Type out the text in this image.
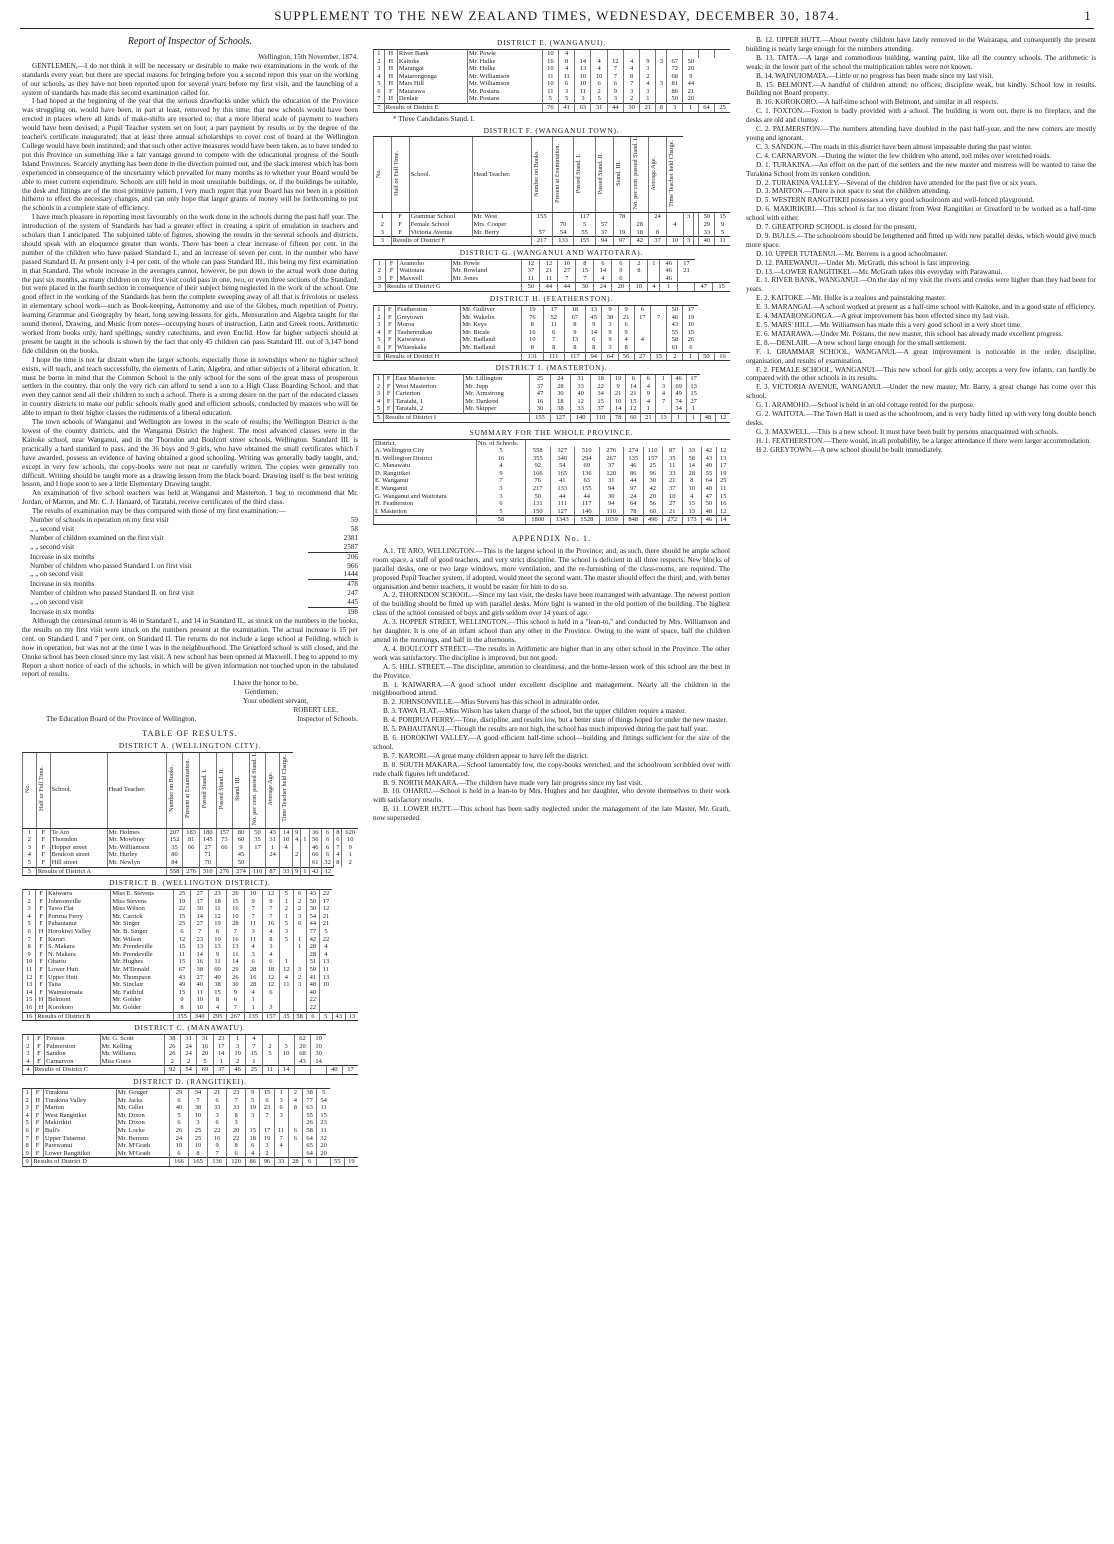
SUPPLEMENT TO THE NEW ZEALAND TIMES, WEDNESDAY, DECEMBER 30, 1874.	1
Report of Inspector of Schools.
Wellington, 15th November, 1874.

GENTLEMEN,—I do not think it will be necessary or desirable to make two examinations in the work of the standards every year; but there are special reasons for bringing before you a second report this year on the working of our schools, as they have not been reported upon for several years before my first visit, and the launching of a system of standards has made this second examination called for.

I had hoped at the beginning of the year that the serious drawbacks under which the education of the Province was struggling on, would have been, in part at least, removed by this time; that new schools would have been erected in places where all kinds of make-shifts are resorted to; that a more liberal scale of payment to teachers would have been devised; a Pupil Teacher system set on foot; a part payment by results or by the degree of the teacher's certificate inaugurated; that at least three annual scholarships to cover cost of board at the Wellington College would have been instituted; and that such other active measures would have been taken, as to have tended to put this Province on something like a fair vantage ground to compete with the educational progress of the South Island Provinces. Scarcely anything has been done in the direction pointed out, and the slack interest which has been experienced in consequence of the uncertainty which prevailed for many months as to whether your Board would be able to meet current expenditure. Schools are still held in most unsuitable buildings, or, if the buildings be suitable, the desk and fittings are of the most primitive pattern. I very much regret that your Board has not been in a position hitherto to effect the necessary changes, and can only hope that larger grants of money will be forthcoming to put the schools in a complete state of efficiency.

I have much pleasure in reporting most favourably on the work done in the schools during the past half year. The introduction of the system of Standards has had a greater effect in creating a spirit of emulation in teachers and scholars than I anticipated. The subjoined table of figures, showing the results in the several schools and districts, should speak with an eloquence greater than words. There has been a clear increase of fifteen per cent. in the number of the children who have passed Standard I., and an increase of seven per cent. in the number who have passed Standard II. At present only 1·4 per cent. of the whole can pass Standard III., this being my first examination in that Standard. The whole increase in the averages cannot, however, be put down to the actual work done during the past six months, as many children on my first visit could pass in one, two, or even three sections of the Standard, but were placed in the fourth section in consequence of their subject being neglected in the work of the school. One good effect in the working of the Standards has been the complete sweeping away of all that is frivolous or useless in elementary school work—such as Book-keeping, Astronomy and use of the Globes, much repetition of Poetry, learning Grammar and Geography by heart, long sewing lessons for girls, Mensuration and Algebra taught for the sound thereof, Drawing, and Music from notes—occupying hours of instruction, Latin and Greek roots, Arithmetic worked from books only, hard spellings, sundry catechisms, and even Euclid. How far higher subjects should at present be taught in the schools is shown by the fact that only 45 children can pass Standard III. out of 3,147 bond fide children on the books.

I hope the time is not far distant when the larger schools, especially those in townships where no higher school exists, will teach, and teach successfully, the elements of Latin, Algebra, and other subjects of a liberal education. It must be borne in mind that the Common School is the only school for the sons of the great mass of prosperous settlers in the country, that only the very rich can afford to send a son to a High Class Boarding School, and that even they cannot send all their children to such a school. There is a strong desire on the part of the educated classes in country districts to make our public schools really good and efficient schools, conducted by masters who will be able to impart to their higher classes the rudiments of a liberal education.

The town schools of Wanganui and Wellington are lowest in the scale of results; the Wellington District is the lowest of the country districts, and the Wanganui District the highest. The most advanced classes were in the Kaitoke school, near Wanganui, and in the Thorndon and Boulcott street schools, Wellington. Standard III. is practically a hard standard to pass, and the 36 boys and 9 girls, who have obtained the small certificates which I have awarded, possess an evidence of having obtained a good schooling. Writing was generally badly taught, and, except in very few schools, the copy-books were not neat or carefully written. The copies were generally too difficult. Writing should be taught more as a drawing lesson from the black board. Drawing itself is the best writing lesson, and I hope soon to see a little Elementary Drawing taught.

An examination of five school teachers was held at Wanganui and Masterton. I beg to recommend that Mr. Jordan, of Marton, and Mr. C. J. Hanaard, of Taratahi, receive certificates of the third class.

The results of examination may be thus compared with those of my first examination:—

Number of schools in operation on my first visit	59
„ „ second visit	58
Number of children examined on the first visit	2381
„ „ second visit	2587
Increase in six months	206
Number of children who passed Standard I. on first visit	966
„ „ on second visit	1444
Increase in six months	478
Number of children who passed Standard II. on first visit	247
„ „ on second visit	445
Increase in six months	198

Although the centesimal return is 46 in Standard I., and 14 in Standard II., as struck on the numbers in the books, the results on my first visit were struck on the numbers present at the examination. The actual increase is 15 per cent. on Standard I. and 7 per cent. on Standard II. The returns do not include a large school at Feilding, which is now in operation, but was not at the time I was in the neighbourhood. The Greatford school is still closed, and the Onoke school has been closed since my last visit. A new school has been opened at Maxwell. I beg to append to my Report a short notice of each of the schools, in which will be given information not touched upon in the tabulated report of results.

I have the honor to be,
Gentlemen,
Your obedient servant,
ROBERT LEE,
The Education Board of the Province of Wellington.	Inspector of Schools.
TABLE OF RESULTS.
DISTRICT A. (WELLINGTON CITY).
No.	Half or Full Time.	School.	Head Teacher.	Number on Books.	Present at Examination.	Passed Stand. I.	Passed Stand. II.	Stand. III.	No. per cent. passed Stand. I.	Average Age.	Time Teacher held Charge.						
1	F	Te Aro	Mr. Holmes	207	183	180	157	80	50	43	14	9		36	6	8	620
2	F	Thorndon	Mr. Mowbray	152	81	145	73	60	35	31	10	4	1	56	6	6	10
3	F	Hopper street	Mr. Williamson	35	66	27	66	9	17	1	4			46	6	7	9
4	F	Boulcott street	Mr. Hurley	80		71		45		24		2		66	6	4	1
5	F	Hill street	Mr. Newlyn	84		70		50						61	32	8	2
5	Results of District A			558	276	510	276	274	110	87	33	9	1	42	12		
DISTRICT B. (WELLINGTON DISTRICT).
1	F	Kaiwarra	Miss E. Stevens	25	27	23	26	10	12	5	6	43	22		
2	F	Johnsonville	Miss Stevens	19	17	18	15	9	9	1	2	50	17		
3	F	Tawa Flat	Miss Wilson	22	30	11	16	7	7	2	2	30	12		
4	F	Porirua Ferry	Mr. Carrick	15	14	12	10	7	7	1	3	54	21		
5	F	Pahautanui	Mr. Singer	25	27	19	28	11	16	5	6	44	21		
6	H	Horokiwi Valley	Mr. B. Singer	6	7	6	7	3	4	3		77	5		
7	F	Karori	Mr. Wilson	12	23	10	16	11	8	5	1	42	22		
8	F	S. Makara	Mr. Prendeville	15	13	13	13	4	3		1	28	4		
9	F	N. Makara	Mr. Prendeville	11	14	9	11	3	4			28	4		
10	F	Ohariu	Mr. Hughes	15	16	11	14	6	6	1		51	13		
11	F	Lower Hutt	Mr. M'Donald	67	38	60	29	28	18	12	3	50	11		
12	F	Upper Hutt	Mr. Thompson	43	27	40	26	16	12	4	2	41	13		
13	F	Taita	Mr. Sinclair	49	40	38	30	28	12	11	3	48	10		
14	F	Wainuiomata	Mr. Faithful	15	11	15	9	4	6			40			
15	H	Belmont	Mr. Golder	9	10	8	6	1				22			
16	H	Korokoro	Mr. Golder	8	10	4	7	1	3			22			
16	Results of District B			355	340	295	267	135	157	35	58	6	5	43	13
DISTRICT C. (MANAWATU).
1	F	Foxton	Mr. G. Scott	38	31	31	23	1	4			62	10		
2	F	Palmerston	Mr. Kelling	26	24	16	17	3	7	2	3	20	10		
3	F	Sandon	Mr. Williams	26	24	20	14	19	15	5	10	68	30		
4	F	Carnarvon	Miss Grace	2	2	5	1	2	1			43	14		
4	Results of District C			92	54	69	37	46	25	11	14			40	17
DISTRICT D. (RANGITIKEI).
1	F	Turakina	Mr. Gouger	29	34	21	23	9	15	1	2	38	5		
2	H	Turakina Valley	Mr. Jacks	6	7	6	7	5	6	3	4	77	54		
3	F	Marton	Mr. Gillet	40	38	33	33	19	23	6	8	63	11		
4	F	West Rangitikei	Mr. Dixon	5	10	3	8	3	7	3		55	15		
5	F	Makirikiri	Mr. Dixon	6	3	6	3					26	23		
6	F	Bull's	Mr. Locke	26	25	22	20	15	17	11	6	58	11		
7	F	Upper Tutaenui	Mr. Berrens	24	25	16	22	18	19	7	6	64	32		
8	F	Parewanui	Mr. M'Grath	10	10	9	8	6	3	4		65	20		
9	F	Lower Rangitikei	Mr. M'Grath	6	8	7	6	4	2			64	20		
9	Results of District D			166	165	136	120	86	96	33	28	6		55	19
DISTRICT E. (WANGANUI).
1	H	River Bank	Mr. Powle	10	4										
2	H	Kaitoke	Mr. Hulke	16	8	14	4	12	4	9	3	67	50		
3	H	Marangai	Mr. Hulke	10	4	13	4	7	4	3		72	20		
4	H	Matarongonga	Mr. Williamson	11	11	10	10	7	8	2		68	9		
5	H	Mars Hill	Mr. Williamson	10	6	10	6	6	7	4	3	81	44		
6	F	Matarawa	Mr. Postans	11	3	11	2	9	3	3		86	21		
7	H	Denlair	Mr. Postans	5	5	3	5	3	2	1		50	20		
7	Results of District E			76	41	63	31	44	30	21	8	3	1	64	25
* Three Candidates Stand. I.
DISTRICT F. (WANGANUI TOWN).
No.	Half or Full Time.	School.	Head Teacher.	Number on Books.	Present at Examination.	Passed Stand. I.	Passed Stand. II.	Stand. III.	No. per cent. passed Stand. I.	Average Age.	Time Teacher held Charge.				
1	F	Grammar School	Mr. West	155		117		78		24		3		50	15
2	F	Female School	Mrs. Cooper		70	5	57		28		4			29	9
3	F	Victoria Avenue	Mr. Berry	57	54	55	37	19	18	8				33	5
3	Results of District F			217	133	155	94	97	42	37	10	3		40	11
DISTRICT G. (WANGANUI AND WAITOTARA).
1	F	Aramoho	Mr. Powle	12	12	10	8	6	6	2	1	46	17		
2	F	Waitotara	Mr. Rowland	37	21	27	15	14	9	8		46	21		
3	F	Maxwell	Mr. Jones	11	11	7	7	4	6			46			
3	Results of District G			50	44	44	30	24	20	10	4	1		47	15
DISTRICT H. (FEATHERSTON).
1	F	Featherston	Mr. Gulliver	19	17	18	13	9	9	6		50	17		
2	F	Greytown	Mr. Wakelin	76	52	67	45	38	21	17	7	46	19		
3	F	Moroa	Mr. Keys	8	11	8	9	3	6			43	10		
4	F	Tauherenikau	Mr. Bicale	16	6	9	14	9	9			55	15		
5	F	Kaiwaiwai	Mr. Badland	10	7	13	6	9	4	4		58	26		
6	F	Wharekaka	Mr. Badland	8	8	8	8	3	8			61	6		
6	Results of District H			131	111	117	94	64	56	27	15	2	1	50	16
DISTRICT I. (MASTERTON).
1	F	East Masterton	Mr. Lillington	25	24	31	18	19	6	6	1	46	17		
2	F	West Masterton	Mr. Jupp	37	28	33	22	9	14	4	3	69	13		
3	F	Carterton	Mr. Armstrong	47	30	40	34	21	21	9	4	49	15		
4	F	Taratahi, 1	Mr. Dankred	16	18	12	15	10	15	4	7	74	27		
5	F	Taratahi, 2	Mr. Skipper	30	38	33	37	14	12	1		34	1		
5	Results of District I			155	127	140	110	78	60	21	13	1	1	48	12
SUMMARY FOR THE WHOLE PROVINCE.
District.	No. of Schools.										
A. Wellington City	5	558	327	510	276	274	110	87	33	42	12
B. Wellington District	16	355	340	294	267	135	157	35	58	43	13
C. Manawatu	4	92	54	69	37	46	25	11	14	40	17
D. Rangitikei	9	166	165	136	120	86	96	33	28	55	19
E. Wanganui	7	76	41	63	31	44	30	21	8	64	25
F. Wanganui	3	217	133	155	94	97	42	37	10	40	11
G. Wanganui and Waitotara	3	50	44	44	30	24	20	10	4	47	15
H. Featherston	6	131	111	117	94	64	56	27	15	50	16
I. Masterton	5	150	127	140	110	78	60	21	13	48	12
	58	1800	1343	1528	1059	848	496	272	173	46	14
APPENDIX No. 1.

A.1. TE ARO, WELLINGTON.—This is the largest school in the Province; and, as such, there should be ample school room space, a staff of good teachers, and very strict discipline. The school is deficient in all three respects. New blocks of parallel desks, one or two large windows, more ventilation, and the re-furnishing of the class-rooms, are required. The proposed Pupil Teacher system, if adopted, would meet the second want. The master should effect the third; and, with better organisation and better teachers, it would be easier for him to do so.

A. 2. THORNDON SCHOOL.—Since my last visit, the desks have been rearranged with advantage. The newest portion of the building should be fitted up with parallel desks. More light is wanted in the old portion of the building. The highest class of the school consisted of boys and girls seldom over 14 years of age.

A. 3. HOPPER STREET, WELLINGTON.—This school is held in a "lean-to," and conducted by Mrs. Williamson and her daughter. It is one of an infant school than any other in the Province. Owing to the want of space, half the children attend in the mornings, and half in the afternoons.

A. 4. BOULCOTT STREET.—The results in Arithmetic are higher than in any other school in the Province. The other work was satisfactory. The discipline is improved, but not good.

A. 5. HILL STREET.—The discipline, attention to cleanliness, and the home-lesson work of this school are the best in the Province.

B. 1. KAIWARRA.—A good school under excellent discipline and management. Nearly all the children in the neighbourhood attend.

B. 2. JOHNSONVILLE.—Miss Stevens has this school in admirable order.

B. 3. TAWA FLAT.—Miss Wilson has taken charge of the school, but the upper children require a master.

B. 4. PORIRUA FERRY.—Tone, discipline, and results low, but a better state of things hoped for under the new master.

B. 5. PAHAUTANUI.—Though the results are not high, the school has much improved during the past half year.

B. 6. HOROKIWI VALLEY.—A good efficient half-time school—building and fittings sufficient for the size of the school.

B. 7. KARORI.—A great many children appear to have left the district.

B. 8. SOUTH MAKARA.—School lamentably low, the copy-books wretched, and the schoolroom scribbled over with rude chalk figures left undefaced.

B. 9. NORTH MAKARA.—The children have made very fair progress since my last visit.

B. 10. OHARIU.—School is held in a lean-to by Mrs. Hughes and her daughter, who devote themselves to their work with satisfactory results.

B. 11. LOWER HUTT.—This school has been sadly neglected under the management of the late Master, Mr. Grath, now superseded.

B. 12. UPPER HUTT.—About twenty children have lately removed to the Wairarapa, and consequently the present building is nearly large enough for the numbers attending.

B. 13. TAITA.—A large and commodious building, wanting paint, like all the country schools. The arithmetic is weak; in the lower part of the school the multiplication tables were not known.

B. 14. WAINUIOMATA.—Little or no progress has been made since my last visit.

B. 15. BELMONT.—A handful of children attend; no offices; discipline weak, but kindly. School low in results. Building not Board property.

B. 16. KOROKORO.—A half-time school with Belmont, and similar in all respects.

C. 1. FOXTON.—Foxton is badly provided with a school. The building is worn out, there is no fireplace, and the desks are old and clumsy.

C. 2. PALMERSTON.—The numbers attending have doubled in the past half-year, and the new comers are mostly young and ignorant.

C. 3. SANDON.—The roads in this district have been almost impassable during the past winter.

C. 4. CARNARVON.—During the winter the few children who attend, toil miles over wretched roads.

D. 1. TURAKINA.—An effort on the part of the settlers and the new master and mistress will be wanted to raise the Turakina School from its sunken condition.

D. 2. TURAKINA VALLEY.—Several of the children have attended for the past five or six years.

D. 3. MARTON.—There is not space to seat the children attending.

D. 5. WESTERN RANGITIKEI possesses a very good schoolroom and well-fenced playground.

D. 6. MAKIRIKIRI.—This school is far too distant from West Rangitikei or Greatford to be worked as a half-time school with either.

D. 7. GREATFORD SCHOOL is closed for the present.

D. 9. BULLS.—The schoolroom should be lengthened and fitted up with new parallel desks, which would give much more space.

D. 10. UPPER TUTAENUI.—Mr. Berrens is a good schoolmaster.

D. 12. PAREWANUI.—Under Mr. McGrath, this school is fast improving.

D. 13.—LOWER RANGITIKEI.—Mr. McGrath takes this everyday with Parawanui.

E. 1. RIVER BANK, WANGANUI.—On the day of my visit the rivers and creeks were higher than they had been for years.

E. 2. KAITOKE.—Mr. Hulke is a zealous and painstaking master.

E. 3. MARANGAI.—A school worked at present as a half-time school with Kaitoke, and in a good state of efficiency.

E. 4. MATARONGONGA.—A great improvement has been effected since my last visit.

E. 5. MARS' HILL.—Mr. Williamson has made this a very good school in a very short time.

E. 6. MATARAWA.—Under Mr. Postans, the new master, this school has already made excellent progress.

E. 8.—DENLAIR.—A new school large enough for the small settlement.

F. 1. GRAMMAR SCHOOL, WANGANUI.—A great improvement is noticeable in the order, discipline, organisation, and results of examination.

F. 2. FEMALE SCHOOL, WANGANUI.—This new school for girls only, accepts a very few infants, can hardly be compared with the other schools in its results.

F. 3. VICTORIA AVENUE, WANGANUI.—Under the new master, Mr. Barry, a great change has come over this school.

G. 1. ARAMOHO.—School is held in an old cottage rented for the purpose.

G. 2. WAITOTA.—The Town Hall is used as the schoolroom, and is very badly fitted up with very long double bench desks.

G. 3. MAXWELL.—This is a new school. It must have been built by persons unacquainted with schools.

H. 1. FEATHERSTON.—There would, in all probability, be a larger attendance if there were larger accommodation.

H 2. GREYTOWN.—A new school should be built immediately.
